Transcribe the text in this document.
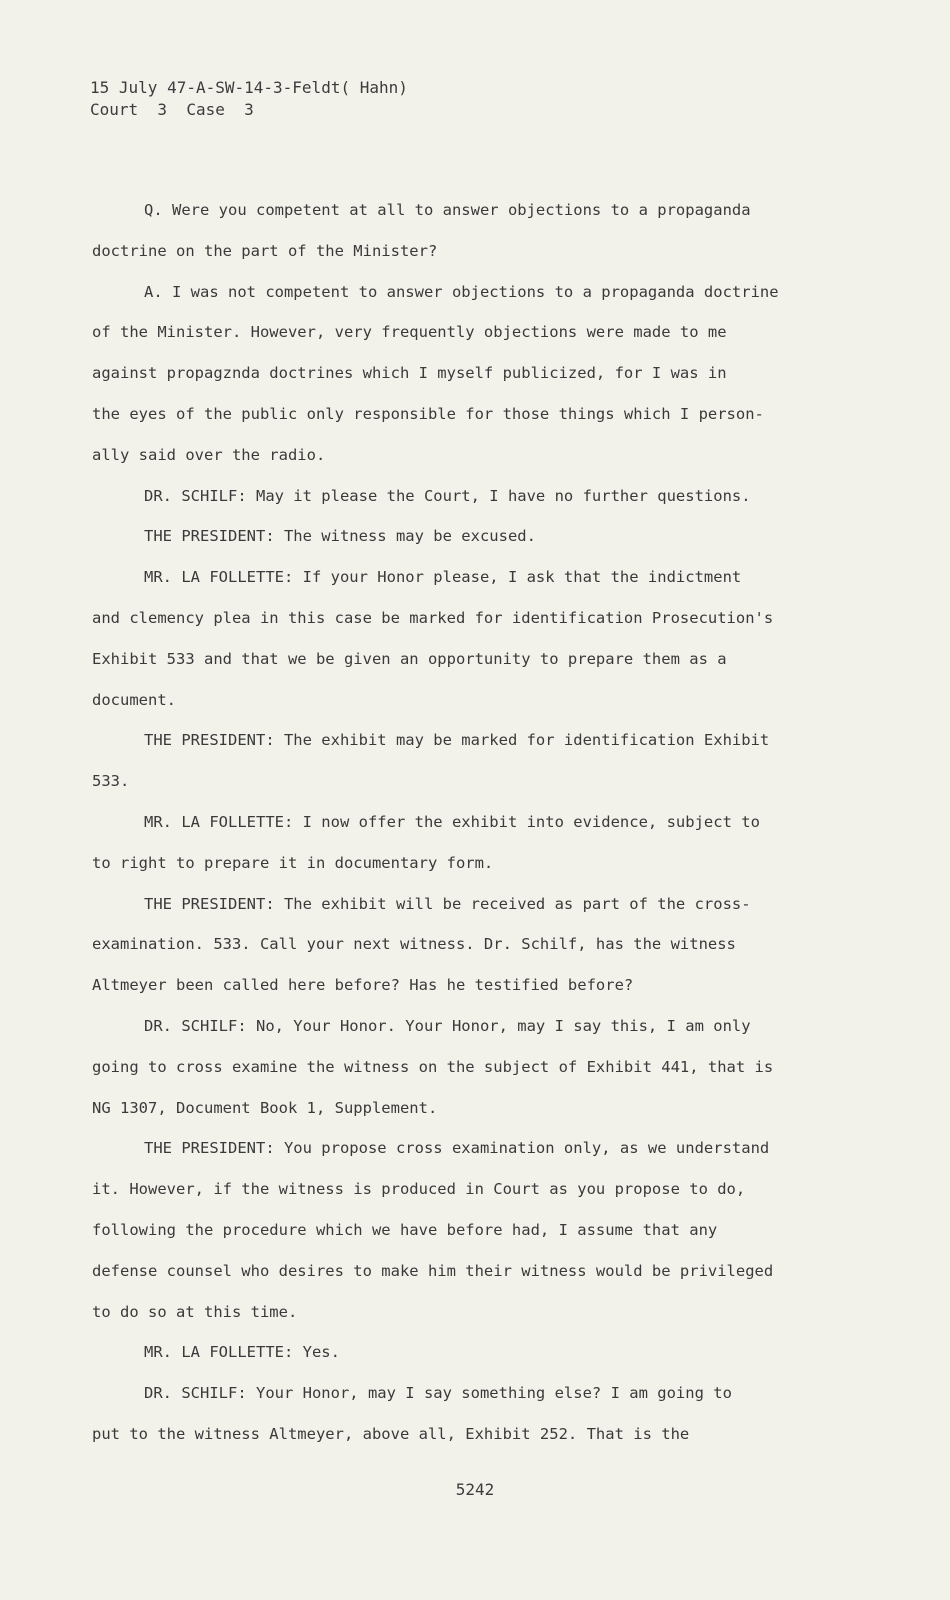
15 July 47-A-SW-14-3-Feldt( Hahn)
Court  3  Case  3
Q. Were you competent at all to answer objections to a propaganda
doctrine on the part of the Minister?
A. I was not competent to answer objections to a propaganda doctrine
of the Minister. However, very frequently objections were made to me
against propagzndа doctrines which I myself publicized, for I was in
the eyes of the public only responsible for those things which I person-
ally said over the radio.
DR. SCHILF: May it please the Court, I have no further questions.
THE PRESIDENT: The witness may be excused.
MR. LA FOLLETTE: If your Honor please, I ask that the indictment
and clemency plea in this case be marked for identification Prosecution's
Exhibit 533 and that we be given an opportunity to prepare them as a
document.
THE PRESIDENT: The exhibit may be marked for identification Exhibit
533.
MR. LA FOLLETTE: I now offer the exhibit into evidence, subject to
to right to prepare it in documentary form.
THE PRESIDENT: The exhibit will be received as part of the cross-
examination. 533. Call your next witness. Dr. Schilf, has the witness
Altmeyer been called here before? Has he testified before?
DR. SCHILF: No, Your Honor. Your Honor, may I say this, I am only
going to cross examine the witness on the subject of Exhibit 441, that is
NG 1307, Document Book 1, Supplement.
THE PRESIDENT: You propose cross examination only, as we understand
it. However, if the witness is produced in Court as you propose to do,
following the procedure which we have before had, I assume that any
defense counsel who desires to make him their witness would be privileged
to do so at this time.
MR. LA FOLLETTE: Yes.
DR. SCHILF: Your Honor, may I say something else? I am going to
put to the witness Altmeyer, above all, Exhibit 252. That is the
5242
